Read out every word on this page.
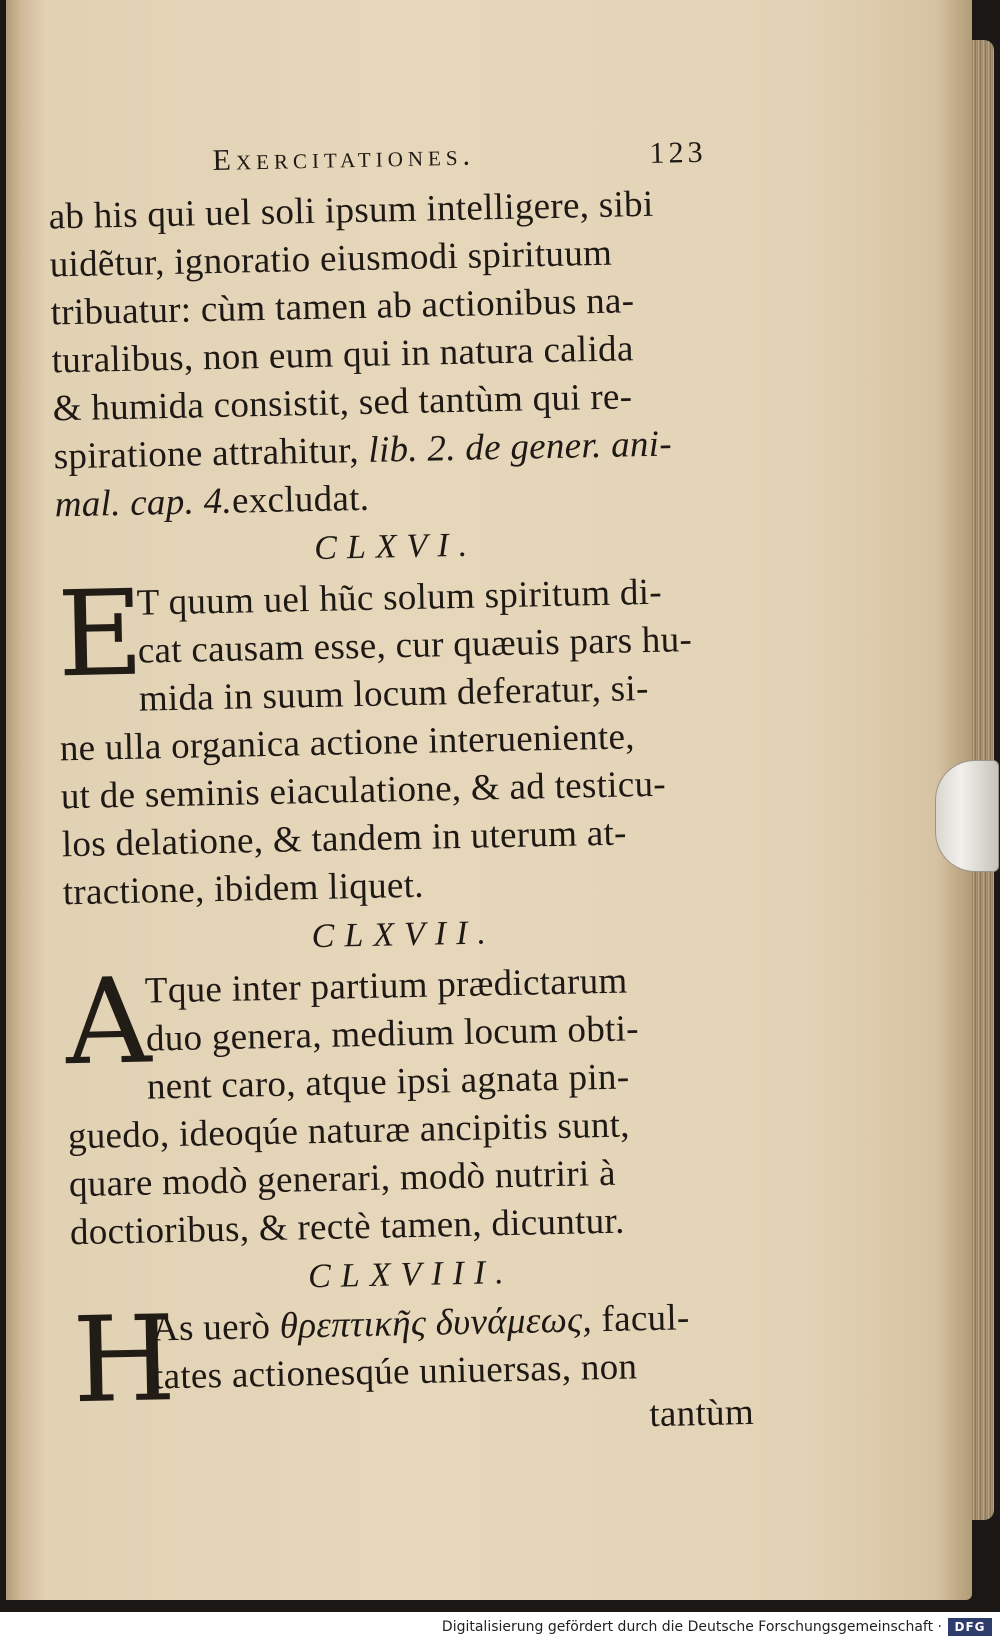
Exercitationes.	123
ab his qui uel soli ipsum intelligere, sibi
uidẽtur, ignoratio eiusmodi spirituum
tribuatur: cùm tamen ab actionibus na-
turalibus, non eum qui in natura calida
& humida consistit, sed tantùm qui re-
spiratione attrahitur, lib. 2. de gener. ani-
mal. cap. 4.excludat.
CLXVI.
E
T quum uel hũc solum spiritum di-
cat causam esse, cur quæuis pars hu-
mida in suum locum deferatur, si-
ne ulla organica actione interueniente,
ut de seminis eiaculatione, & ad testicu-
los delatione, & tandem in uterum at-
tractione, ibidem liquet.
CLXVII.
A
Tque inter partium prædictarum
duo genera, medium locum obti-
nent caro, atque ipsi agnata pin-
guedo, ideoqúe naturæ ancipitis sunt,
quare modò generari, modò nutriri à
doctioribus, & rectè tamen, dicuntur.
CLXVIII.
H
As uerò θρεπτικῆς δυνάμεως, facul-
tates actionesqúe uniuersas, non
tantùm
Digitalisierung gefördert durch die Deutsche Forschungsgemeinschaft ·	DFG
